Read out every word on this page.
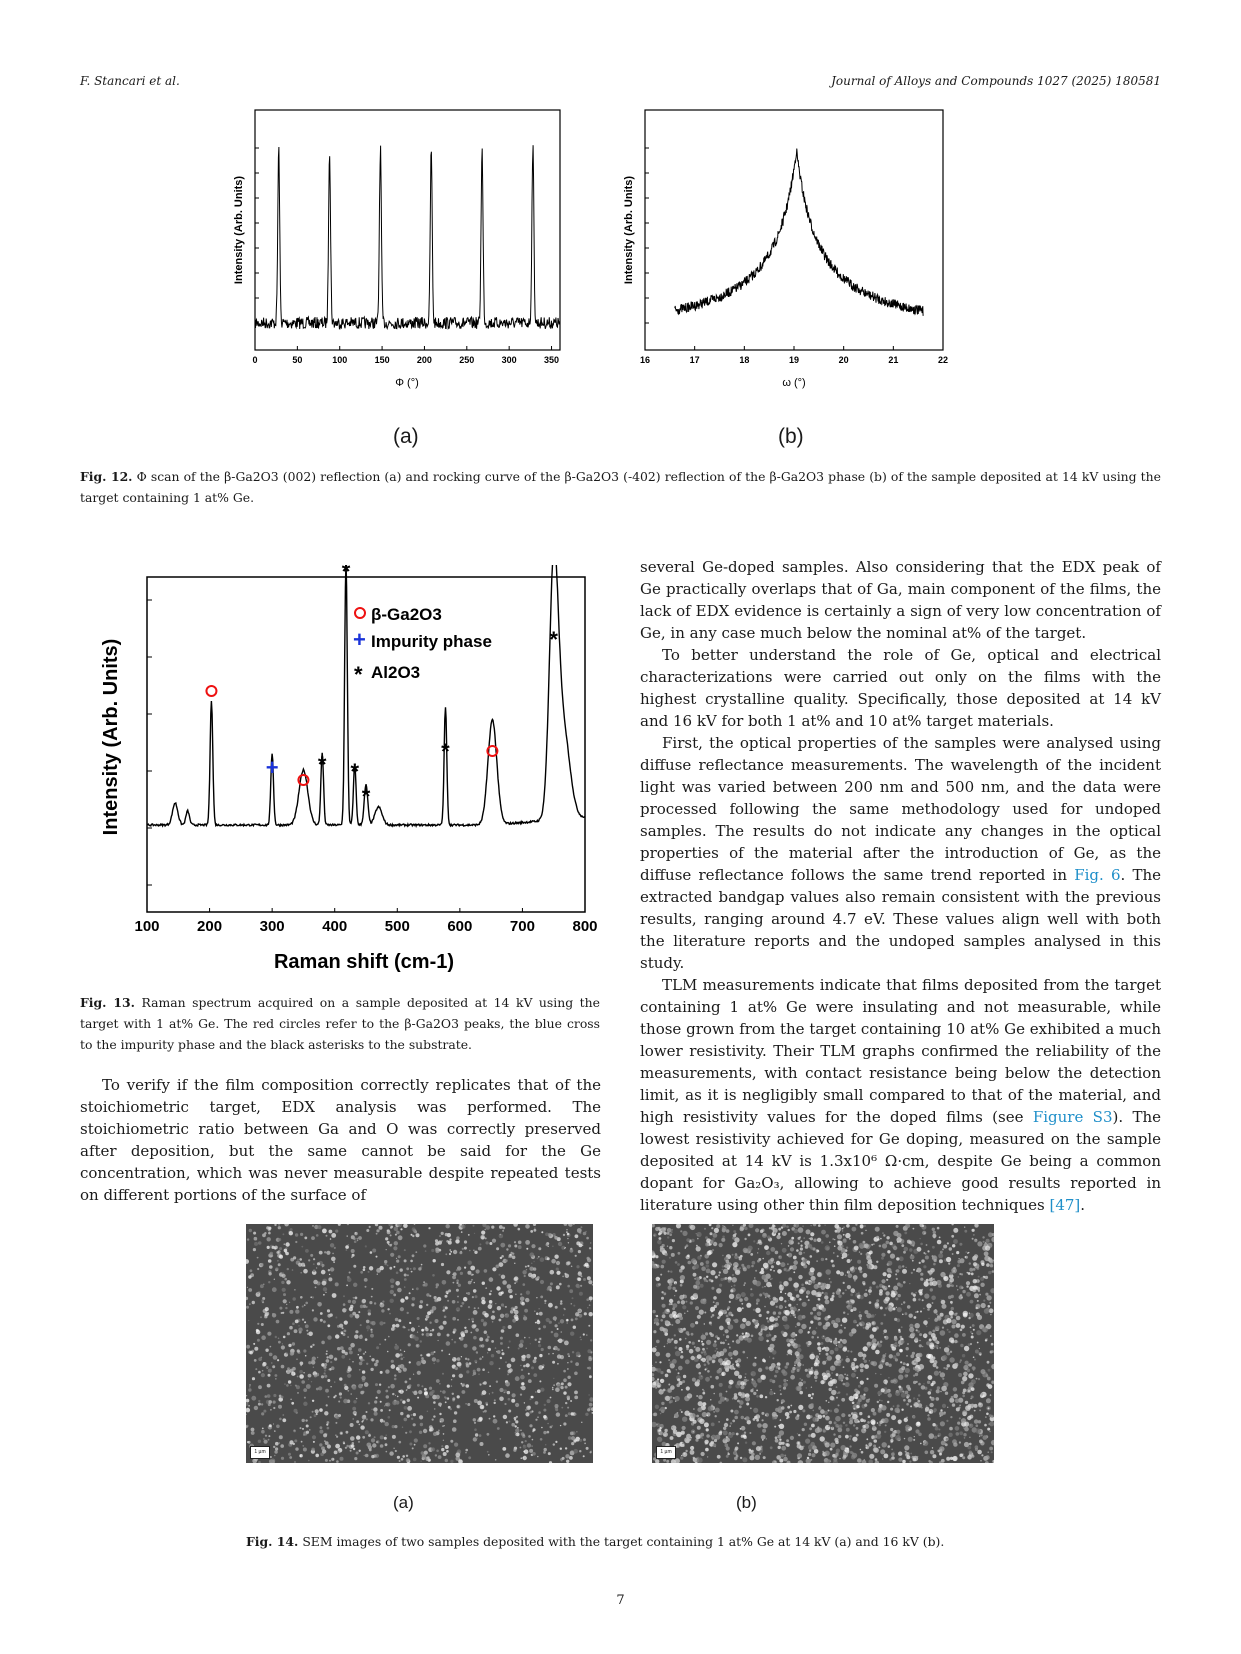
F. Stancari et al.	Journal of Alloys and Compounds 1027 (2025) 180581
0	50	100	150	200	250	300	350
Intensity (Arb. Units)
Φ (°)
16	17	18	19	20	21	22
Intensity (Arb. Units)
ω (°)
(a)	(b)
Fig. 12. Φ scan of the β-Ga2O3 (002) reflection (a) and rocking curve of the β-Ga2O3 (-402) reflection of the β-Ga2O3 phase (b) of the sample deposited at 14 kV using the target containing 1 at% Ge.
100	200	300	400	500	600	700	800
+ *
*
*
*
*
*
β-Ga2O3
+ Impurity phase
* Al2O3
Intensity (Arb. Units)
Raman shift (cm-1)
Fig. 13. Raman spectrum acquired on a sample deposited at 14 kV using the target with 1 at% Ge. The red circles refer to the β-Ga2O3 peaks, the blue cross to the impurity phase and the black asterisks to the substrate.

To verify if the film composition correctly replicates that of the stoichiometric target, EDX analysis was performed. The stoichiometric ratio between Ga and O was correctly preserved after deposition, but the same cannot be said for the Ge concentration, which was never measurable despite repeated tests on different portions of the surface of

several Ge-doped samples. Also considering that the EDX peak of Ge practically overlaps that of Ga, main component of the films, the lack of EDX evidence is certainly a sign of very low concentration of Ge, in any case much below the nominal at% of the target.

To better understand the role of Ge, optical and electrical characterizations were carried out only on the films with the highest crystalline quality. Specifically, those deposited at 14 kV and 16 kV for both 1 at% and 10 at% target materials.

First, the optical properties of the samples were analysed using diffuse reflectance measurements. The wavelength of the incident light was varied between 200 nm and 500 nm, and the data were processed following the same methodology used for undoped samples. The results do not indicate any changes in the optical properties of the material after the introduction of Ge, as the diffuse reflectance follows the same trend reported in Fig. 6. The extracted bandgap values also remain consistent with the previous results, ranging around 4.7 eV. These values align well with both the literature reports and the undoped samples analysed in this study.

TLM measurements indicate that films deposited from the target containing 1 at% Ge were insulating and not measurable, while those grown from the target containing 10 at% Ge exhibited a much lower resistivity. Their TLM graphs confirmed the reliability of the measurements, with contact resistance being below the detection limit, as it is negligibly small compared to that of the material, and high resistivity values for the doped films (see Figure S3). The lowest resistivity achieved for Ge doping, measured on the sample deposited at 14 kV is 1.3x10⁶ Ω·cm, despite Ge being a common dopant for Ga₂O₃, allowing to achieve good results reported in literature using other thin film deposition techniques [47].

1 µm	1 µm
(a)	(b)
Fig. 14. SEM images of two samples deposited with the target containing 1 at% Ge at 14 kV (a) and 16 kV (b).
7
